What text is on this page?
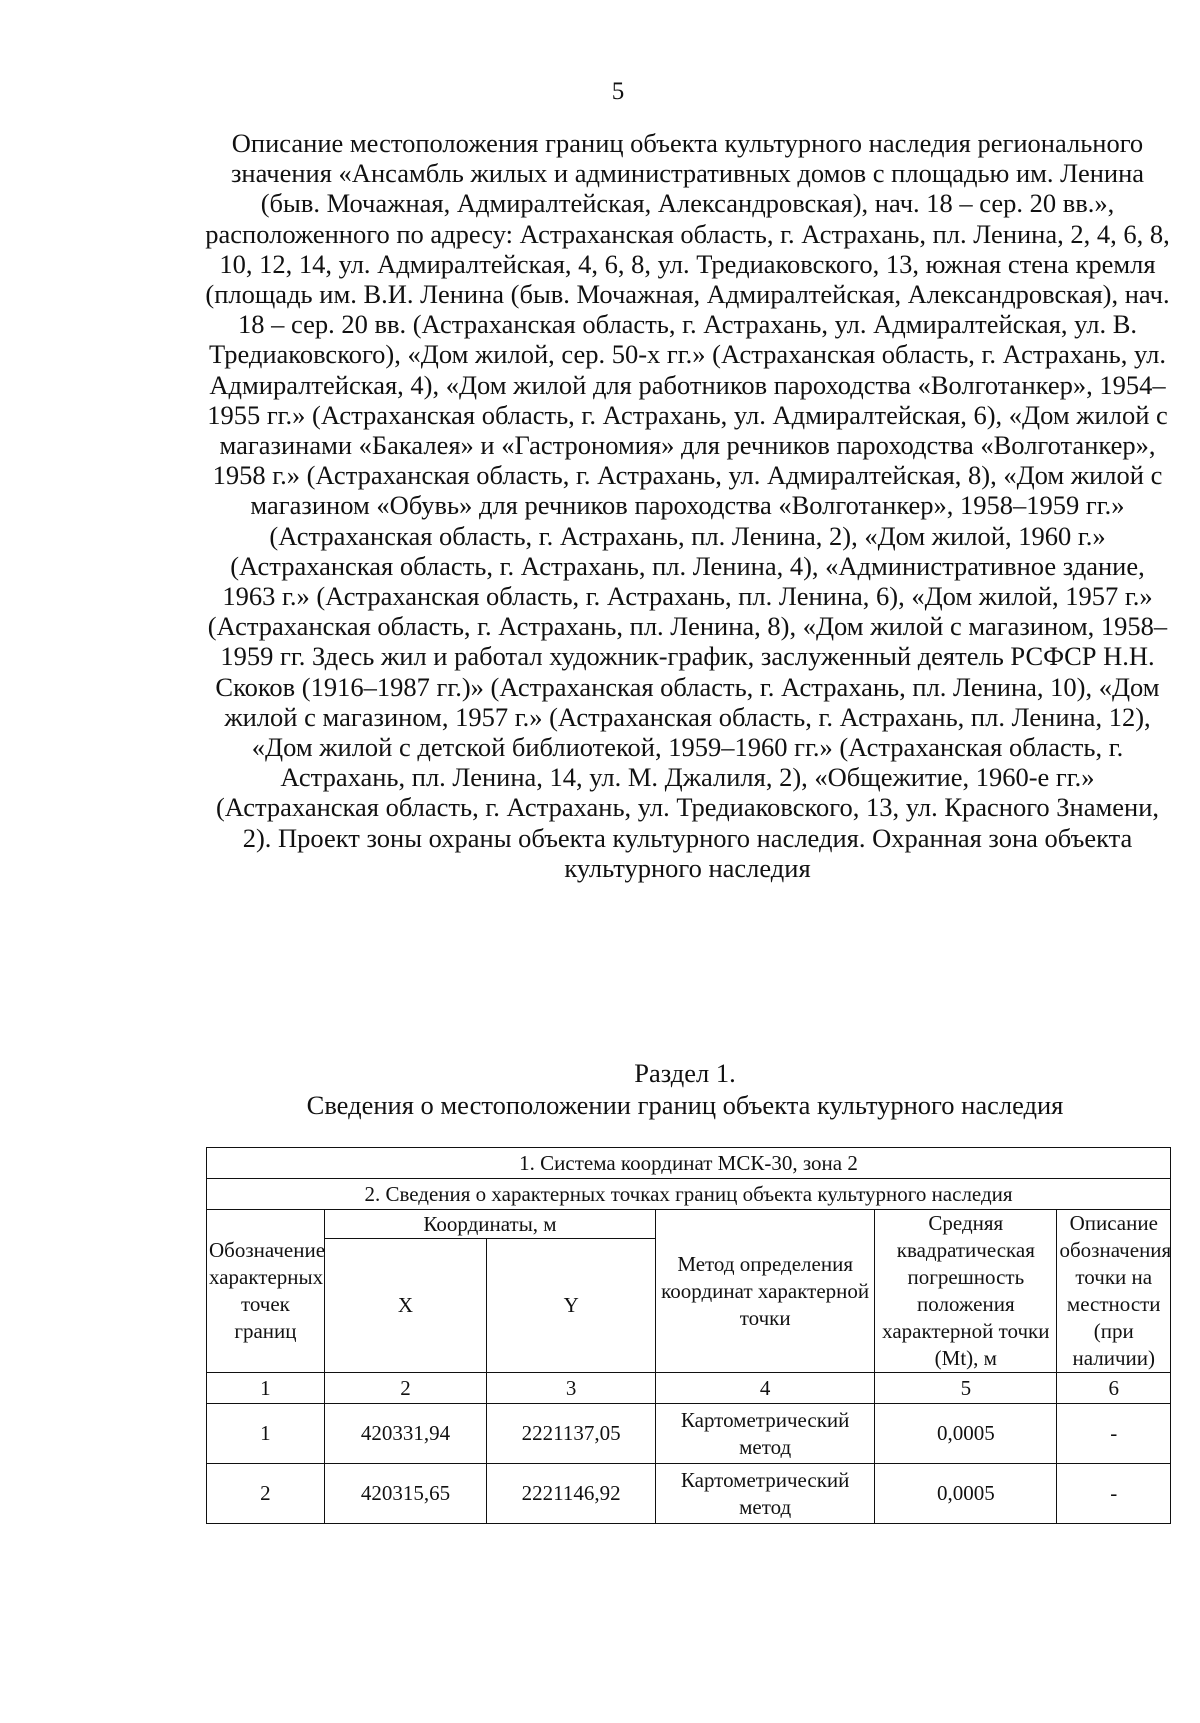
5

Описание местоположения границ объекта культурного наследия регионального значения «Ансамбль жилых и административных домов с площадью им. Ленина (быв. Мочажная, Адмиралтейская, Александровская), нач. 18 – сер. 20 вв.», расположенного по адресу: Астраханская область, г. Астрахань, пл. Ленина, 2, 4, 6, 8, 10, 12, 14, ул. Адмиралтейская, 4, 6, 8, ул. Тредиаковского, 13, южная стена кремля (площадь им. В.И. Ленина (быв. Мочажная, Адмиралтейская, Александровская), нач. 18 – сер. 20 вв. (Астраханская область, г. Астрахань, ул. Адмиралтейская, ул. В. Тредиаковского), «Дом жилой, сер. 50-х гг.» (Астраханская область, г. Астрахань, ул. Адмиралтейская, 4), «Дом жилой для работников пароходства «Волготанкер», 1954–1955 гг.» (Астраханская область, г. Астрахань, ул. Адмиралтейская, 6), «Дом жилой с магазинами «Бакалея» и «Гастрономия» для речников пароходства «Волготанкер», 1958 г.» (Астраханская область, г. Астрахань, ул. Адмиралтейская, 8), «Дом жилой с магазином «Обувь» для речников пароходства «Волготанкер», 1958–1959 гг.» (Астраханская область, г. Астрахань, пл. Ленина, 2), «Дом жилой, 1960 г.» (Астраханская область, г. Астрахань, пл. Ленина, 4), «Административное здание, 1963 г.» (Астраханская область, г. Астрахань, пл. Ленина, 6), «Дом жилой, 1957 г.» (Астраханская область, г. Астрахань, пл. Ленина, 8), «Дом жилой с магазином, 1958–1959 гг. Здесь жил и работал художник-график, заслуженный деятель РСФСР Н.Н. Скоков (1916–1987 гг.)» (Астраханская область, г. Астрахань, пл. Ленина, 10), «Дом жилой с магазином, 1957 г.» (Астраханская область, г. Астрахань, пл. Ленина, 12), «Дом жилой с детской библиотекой, 1959–1960 гг.» (Астраханская область, г. Астрахань, пл. Ленина, 14, ул. М. Джалиля, 2), «Общежитие, 1960-е гг.» (Астраханская область, г. Астрахань, ул. Тредиаковского, 13, ул. Красного Знамени, 2). Проект зоны охраны объекта культурного наследия. Охранная зона объекта культурного наследия

Раздел 1.
Сведения о местоположении границ объекта культурного наследия
1. Система координат МСК-30, зона 2					
2. Сведения о характерных точках границ объекта культурного наследия					
Обозначение характерных точек границ	Координаты, м		Метод определения координат характерной точки	Средняя квадратическая погрешность положения характерной точки (Mt), м	Описание обозначения точки на местности (при наличии)
	X	Y			
1	2	3	4	5	6
1	420331,94	2221137,05	Картометрический метод	0,0005	-
2	420315,65	2221146,92	Картометрический метод	0,0005	-
